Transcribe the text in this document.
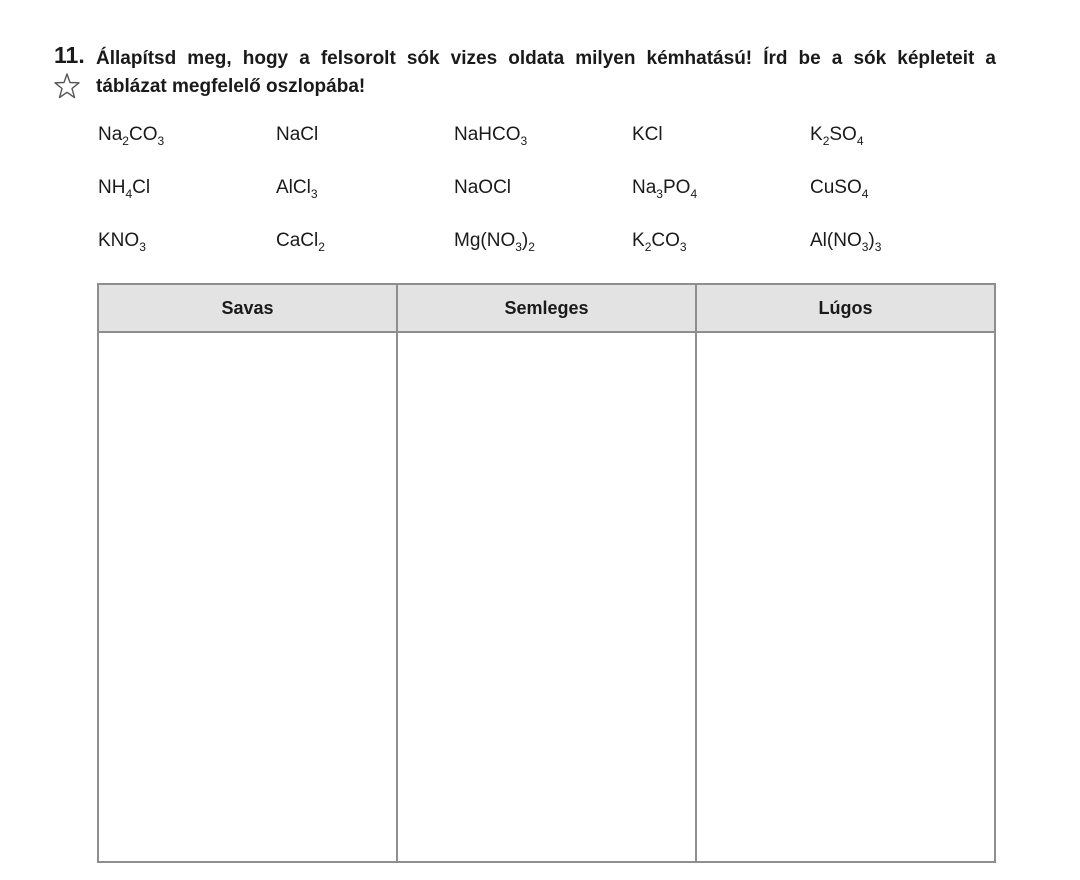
11. Állapítsd meg, hogy a felsorolt sók vizes oldata milyen kémhatású! Írd be a sók képleteit a
táblázat megfelelő oszlopába!
$Na_2CO_3$	NaCl	NaHCO$_3$	KCl	$K_2SO_4$
$NH_4Cl$	AlCl$_3$	NaOCl	$Na_3PO_4$	CuSO$_4$
$KNO_3$	CaCl$_2$	$Mg(NO_3)_2$	$K_2CO_3$	$Al(NO_3)_3$
Savas	Semleges	Lúgos
